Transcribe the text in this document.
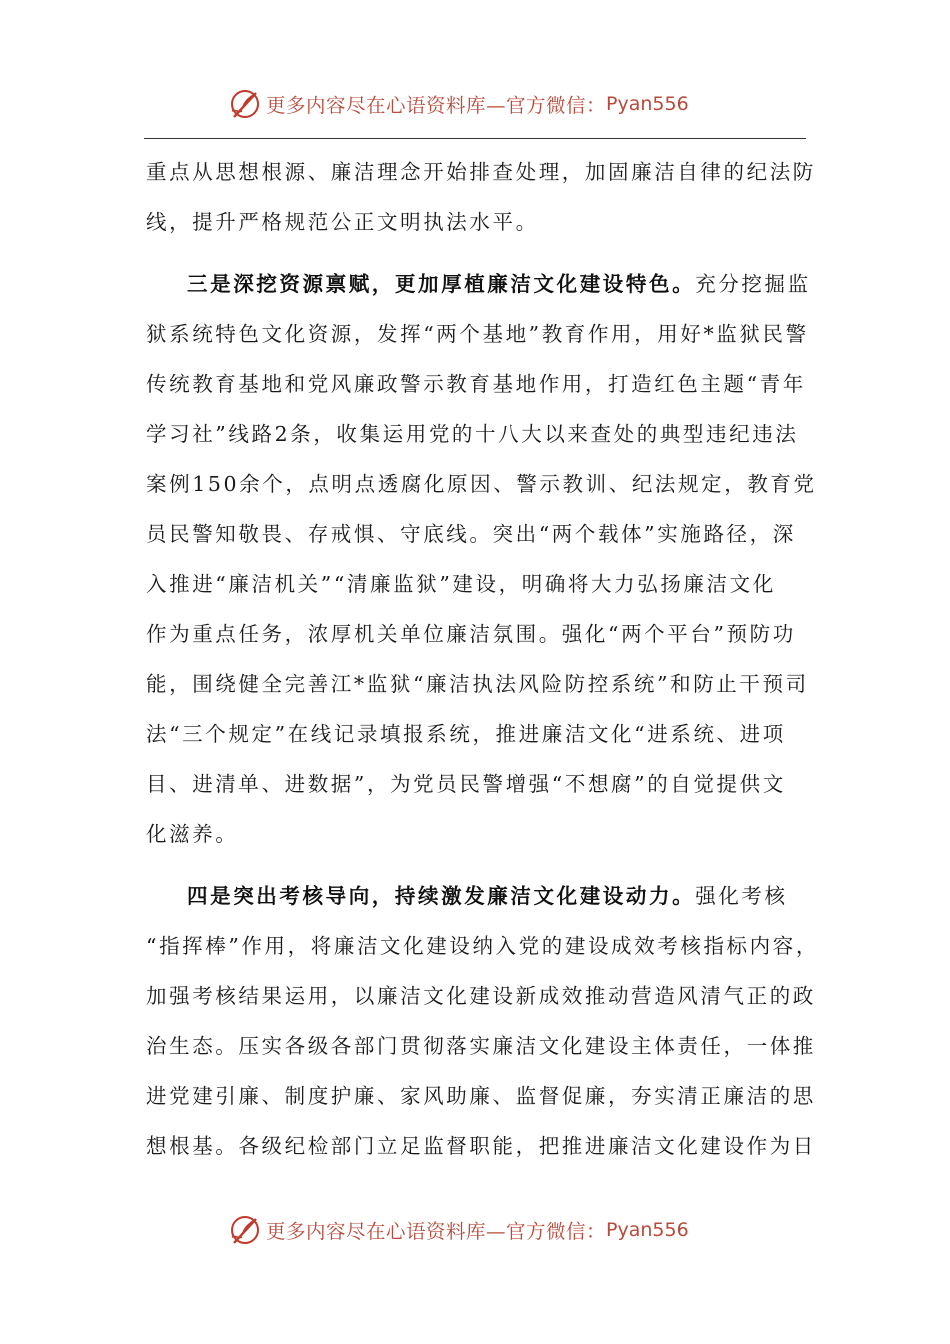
更多内容尽在心语资料库—官方微信： Pyan556
重点从思想根源、廉洁理念开始排查处理，加固廉洁自律的纪法防
线，提升严格规范公正文明执法水平。
三是深挖资源禀赋，更加厚植廉洁文化建设特色。充分挖掘监
狱系统特色文化资源，发挥“两个基地”教育作用，用好*监狱民警
传统教育基地和党风廉政警示教育基地作用，打造红色主题“青年
学习社”线路2条，收集运用党的十八大以来查处的典型违纪违法
案例150余个，点明点透腐化原因、警示教训、纪法规定，教育党
员民警知敬畏、存戒惧、守底线。突出“两个载体”实施路径，深
入推进“廉洁机关”“清廉监狱”建设，明确将大力弘扬廉洁文化
作为重点任务，浓厚机关单位廉洁氛围。强化“两个平台”预防功
能，围绕健全完善江*监狱“廉洁执法风险防控系统”和防止干预司
法“三个规定”在线记录填报系统，推进廉洁文化“进系统、进项
目、进清单、进数据”，为党员民警增强“不想腐”的自觉提供文
化滋养。
四是突出考核导向，持续激发廉洁文化建设动力。强化考核
“指挥棒”作用，将廉洁文化建设纳入党的建设成效考核指标内容，
加强考核结果运用，以廉洁文化建设新成效推动营造风清气正的政
治生态。压实各级各部门贯彻落实廉洁文化建设主体责任，一体推
进党建引廉、制度护廉、家风助廉、监督促廉，夯实清正廉洁的思
想根基。各级纪检部门立足监督职能，把推进廉洁文化建设作为日
更多内容尽在心语资料库—官方微信： Pyan556
